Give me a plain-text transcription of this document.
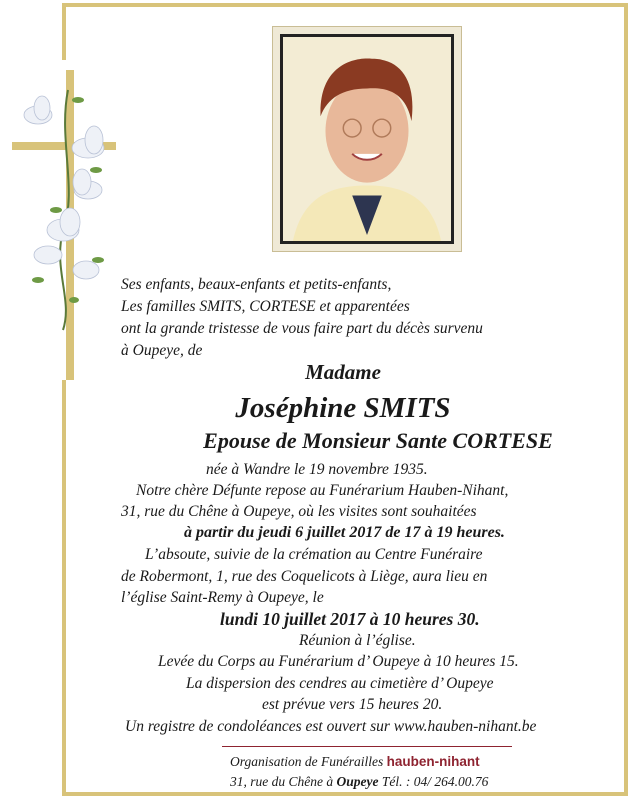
Ses enfants, beaux-enfants et petits-enfants,
Les familles SMITS, CORTESE et apparentées
ont la grande tristesse de vous faire part du décès survenu
à Oupeye, de
Madame
Joséphine SMITS
Epouse de Monsieur Sante CORTESE
née à Wandre le 19 novembre 1935.
Notre chère Défunte repose au Funérarium Hauben-Nihant,
31, rue du Chêne à Oupeye, où les visites sont souhaitées
à partir du jeudi 6 juillet 2017 de 17 à 19 heures.
L’absoute, suivie de la crémation au Centre Funéraire
de Robermont, 1, rue des Coquelicots à Liège, aura lieu en
l’église Saint-Remy à Oupeye, le
lundi 10 juillet 2017 à 10 heures 30.
Réunion à l’église.
Levée du Corps au Funérarium d’ Oupeye à 10 heures 15.
La dispersion des cendres au cimetière d’ Oupeye
est prévue vers 15 heures 20.
Un registre de condoléances est ouvert sur www.hauben-nihant.be
Organisation de Funérailles hauben-nihant
31, rue du Chêne à Oupeye Tél. : 04/ 264.00.76
